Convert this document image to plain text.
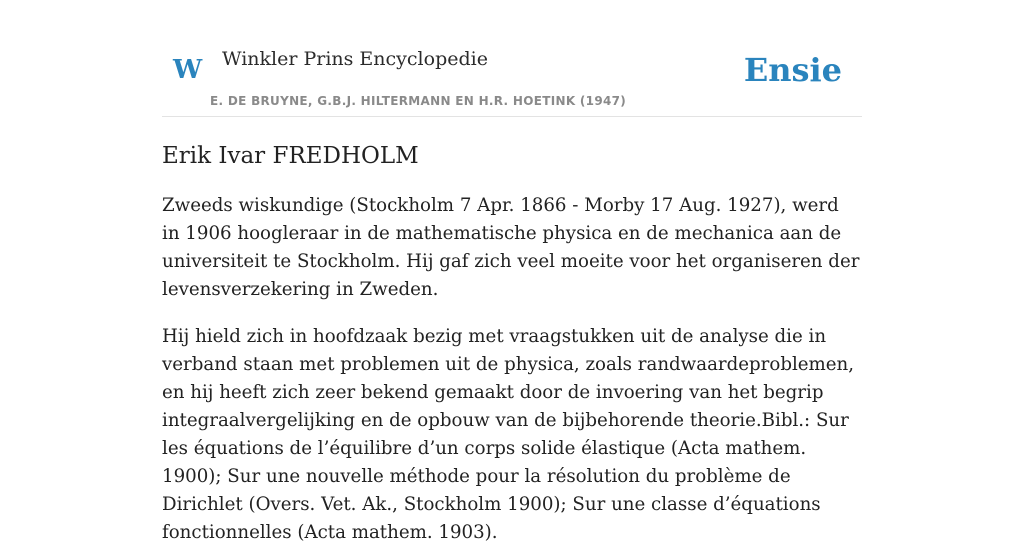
W Winkler Prins Encyclopedie
E. DE BRUYNE, G.B.J. HILTERMANN EN H.R. HOETINK (1947)
Ensie
Erik Ivar FREDHOLM

Zweeds wiskundige (Stockholm 7 Apr. 1866 - Morby 17 Aug. 1927), werd in 1906 hoogleraar in de mathematische physica en de mechanica aan de universiteit te Stockholm. Hij gaf zich veel moeite voor het organiseren der levensverzekering in Zweden.

Hij hield zich in hoofdzaak bezig met vraagstukken uit de analyse die in verband staan met problemen uit de physica, zoals randwaardeproblemen, en hij heeft zich zeer bekend gemaakt door de invoering van het begrip integraalvergelijking en de opbouw van de bijbehorende theorie.Bibl.: Sur les équations de l’équilibre d’un corps solide élastique (Acta mathem. 1900); Sur une nouvelle méthode pour la résolution du problème de Dirichlet (Overs. Vet. Ak., Stockholm 1900); Sur une classe d’équations fonctionnelles (Acta mathem. 1903).
